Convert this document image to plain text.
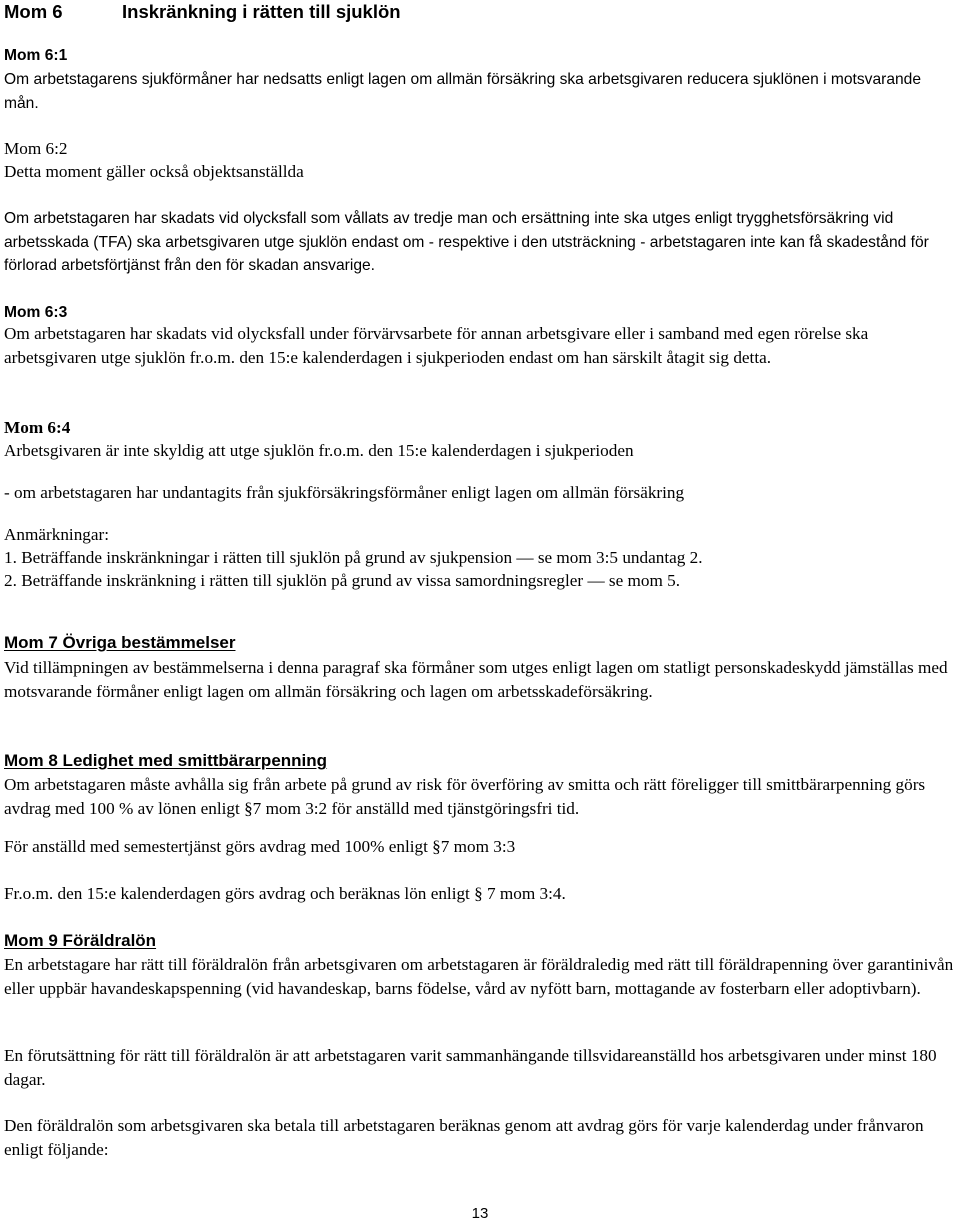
Mom 6	Inskränkning i rätten till sjuklön

Mom 6:1

Om arbetstagarens sjukförmåner har nedsatts enligt lagen om allmän försäkring ska arbetsgivaren reducera sjuklönen i motsvarande mån.

Mom 6:2

Detta moment gäller också objektsanställda

Om arbetstagaren har skadats vid olycksfall som vållats av tredje man och ersättning inte ska utges enligt trygghetsförsäkring vid arbetsskada (TFA) ska arbetsgivaren utge sjuklön endast om - respektive i den utsträckning - arbetstagaren inte kan få skadestånd för förlorad arbetsförtjänst från den för skadan ansvarige.

Mom 6:3

Om arbetstagaren har skadats vid olycksfall under förvärvsarbete för annan arbetsgivare eller i samband med egen rörelse ska arbetsgivaren utge sjuklön fr.o.m. den 15:e kalenderdagen i sjukperioden endast om han särskilt åtagit sig detta.

Mom 6:4

Arbetsgivaren är inte skyldig att utge sjuklön fr.o.m. den 15:e kalenderdagen i sjukperioden

- om arbetstagaren har undantagits från sjukförsäkringsförmåner enligt lagen om allmän försäkring

Anmärkningar:

1. Beträffande inskränkningar i rätten till sjuklön på grund av sjukpension — se mom 3:5 undantag 2.

2. Beträffande inskränkning i rätten till sjuklön på grund av vissa samordningsregler — se mom 5.

Mom 7 Övriga bestämmelser

Vid tillämpningen av bestämmelserna i denna paragraf ska förmåner som utges enligt lagen om statligt personskadeskydd jämställas med motsvarande förmåner enligt lagen om allmän försäkring och lagen om arbetsskadeförsäkring.

Mom 8 Ledighet med smittbärarpenning

Om arbetstagaren måste avhålla sig från arbete på grund av risk för överföring av smitta och rätt föreligger till smittbärarpenning görs avdrag med 100 % av lönen enligt §7 mom 3:2 för anställd med tjänstgöringsfri tid.

För anställd med semestertjänst görs avdrag med 100% enligt §7 mom 3:3

Fr.o.m. den 15:e kalenderdagen görs avdrag och beräknas lön enligt § 7 mom 3:4.

Mom 9 Föräldralön

En arbetstagare har rätt till föräldralön från arbetsgivaren om arbetstagaren är föräldraledig med rätt till föräldrapenning över garantinivån eller uppbär havandeskapspenning (vid havandeskap, barns födelse, vård av nyfött barn, mottagande av fosterbarn eller adoptivbarn).

En förutsättning för rätt till föräldralön är att arbetstagaren varit sammanhängande tillsvidareanställd hos arbetsgivaren under minst 180 dagar.

Den föräldralön som arbetsgivaren ska betala till arbetstagaren beräknas genom att avdrag görs för varje kalenderdag under frånvaron enligt följande:

13
